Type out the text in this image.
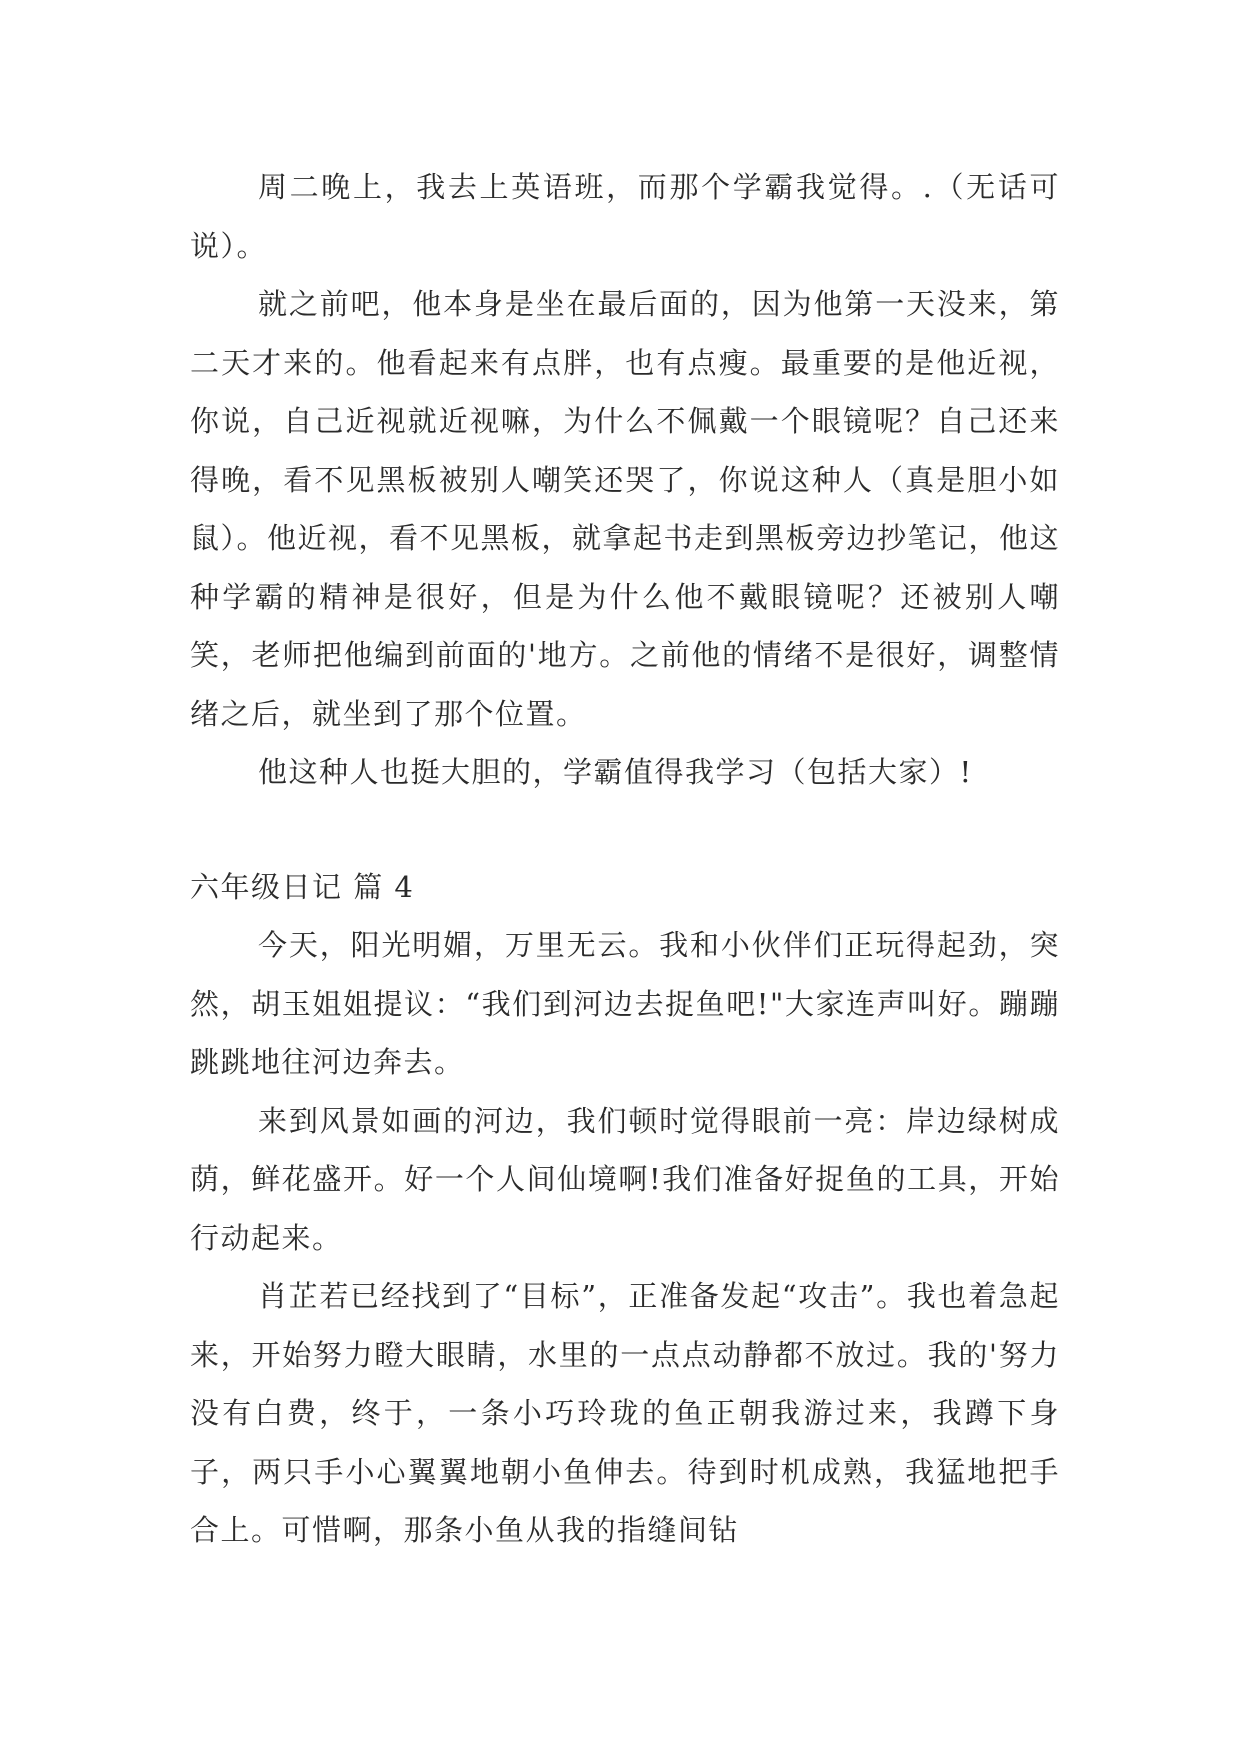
周二晚上，我去上英语班，而那个学霸我觉得。.（无话可说）。

就之前吧，他本身是坐在最后面的，因为他第一天没来，第二天才来的。他看起来有点胖，也有点瘦。最重要的是他近视，你说，自己近视就近视嘛，为什么不佩戴一个眼镜呢？自己还来得晚，看不见黑板被别人嘲笑还哭了，你说这种人（真是胆小如鼠）。他近视，看不见黑板，就拿起书走到黑板旁边抄笔记，他这种学霸的精神是很好，但是为什么他不戴眼镜呢？还被别人嘲笑，老师把他编到前面的'地方。之前他的情绪不是很好，调整情绪之后，就坐到了那个位置。

他这种人也挺大胆的，学霸值得我学习（包括大家）!

六年级日记 篇 4

今天，阳光明媚，万里无云。我和小伙伴们正玩得起劲，突然，胡玉姐姐提议：“我们到河边去捉鱼吧!"大家连声叫好。蹦蹦跳跳地往河边奔去。

来到风景如画的河边，我们顿时觉得眼前一亮：岸边绿树成荫，鲜花盛开。好一个人间仙境啊!我们准备好捉鱼的工具，开始行动起来。

肖芷若已经找到了“目标”，正准备发起“攻击”。我也着急起来，开始努力瞪大眼睛，水里的一点点动静都不放过。我的'努力没有白费，终于，一条小巧玲珑的鱼正朝我游过来，我蹲下身子，两只手小心翼翼地朝小鱼伸去。待到时机成熟，我猛地把手合上。可惜啊，那条小鱼从我的指缝间钻
